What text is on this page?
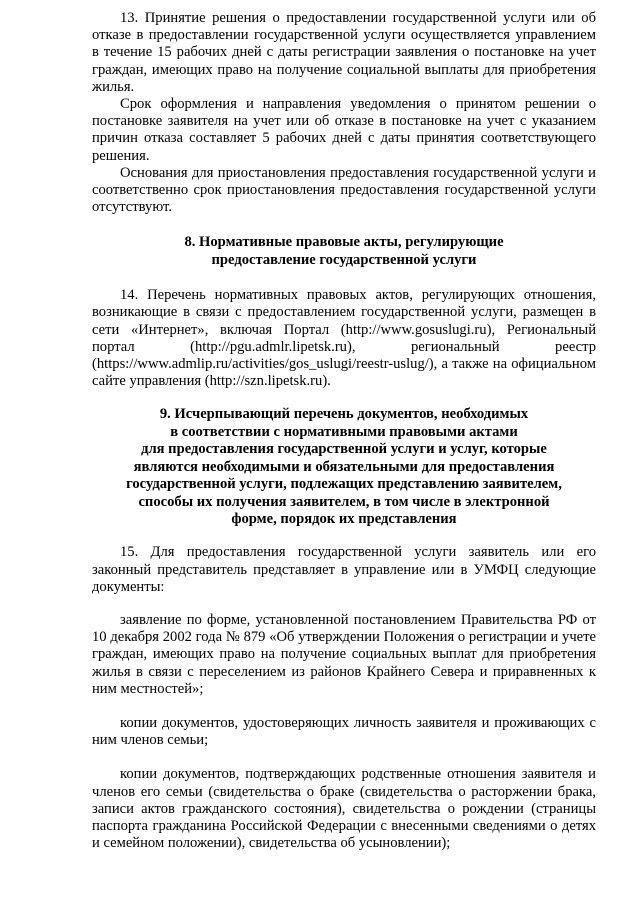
13. Принятие решения о предоставлении государственной услуги или об отказе в предоставлении государственной услуги осуществляется управлением в течение 15 рабочих дней с даты регистрации заявления о постановке на учет граждан, имеющих право на получение социальной выплаты для приобретения жилья.

Срок оформления и направления уведомления о принятом решении о постановке заявителя на учет или об отказе в постановке на учет с указанием причин отказа составляет 5 рабочих дней с даты принятия соответствующего решения.

Основания для приостановления предоставления государственной услуги и соответственно срок приостановления предоставления государственной услуги отсутствуют.

8. Нормативные правовые акты, регулирующие
предоставление государственной услуги

14. Перечень нормативных правовых актов, регулирующих отношения, возникающие в связи с предоставлением государственной услуги, размещен в сети «Интернет», включая Портал (http://www.gosuslugi.ru), Региональный портал (http://pgu.admlr.lipetsk.ru), региональный реестр (https://www.admlip.ru/activities/gos_uslugi/reestr-uslug/), а также на официальном сайте управления (http://szn.lipetsk.ru).

9. Исчерпывающий перечень документов, необходимых
в соответствии с нормативными правовыми актами
для предоставления государственной услуги и услуг, которые
являются необходимыми и обязательными для предоставления
государственной услуги, подлежащих представлению заявителем,
способы их получения заявителем, в том числе в электронной
форме, порядок их представления

15. Для предоставления государственной услуги заявитель или его законный представитель представляет в управление или в УМФЦ следующие документы:

заявление по форме, установленной постановлением Правительства РФ от 10 декабря 2002 года № 879 «Об утверждении Положения о регистрации и учете граждан, имеющих право на получение социальных выплат для приобретения жилья в связи с переселением из районов Крайнего Севера и приравненных к ним местностей»;

копии документов, удостоверяющих личность заявителя и проживающих с ним членов семьи;

копии документов, подтверждающих родственные отношения заявителя и членов его семьи (свидетельства о браке (свидетельства о расторжении брака, записи актов гражданского состояния), свидетельства о рождении (страницы паспорта гражданина Российской Федерации с внесенными сведениями о детях и семейном положении), свидетельства об усыновлении);
